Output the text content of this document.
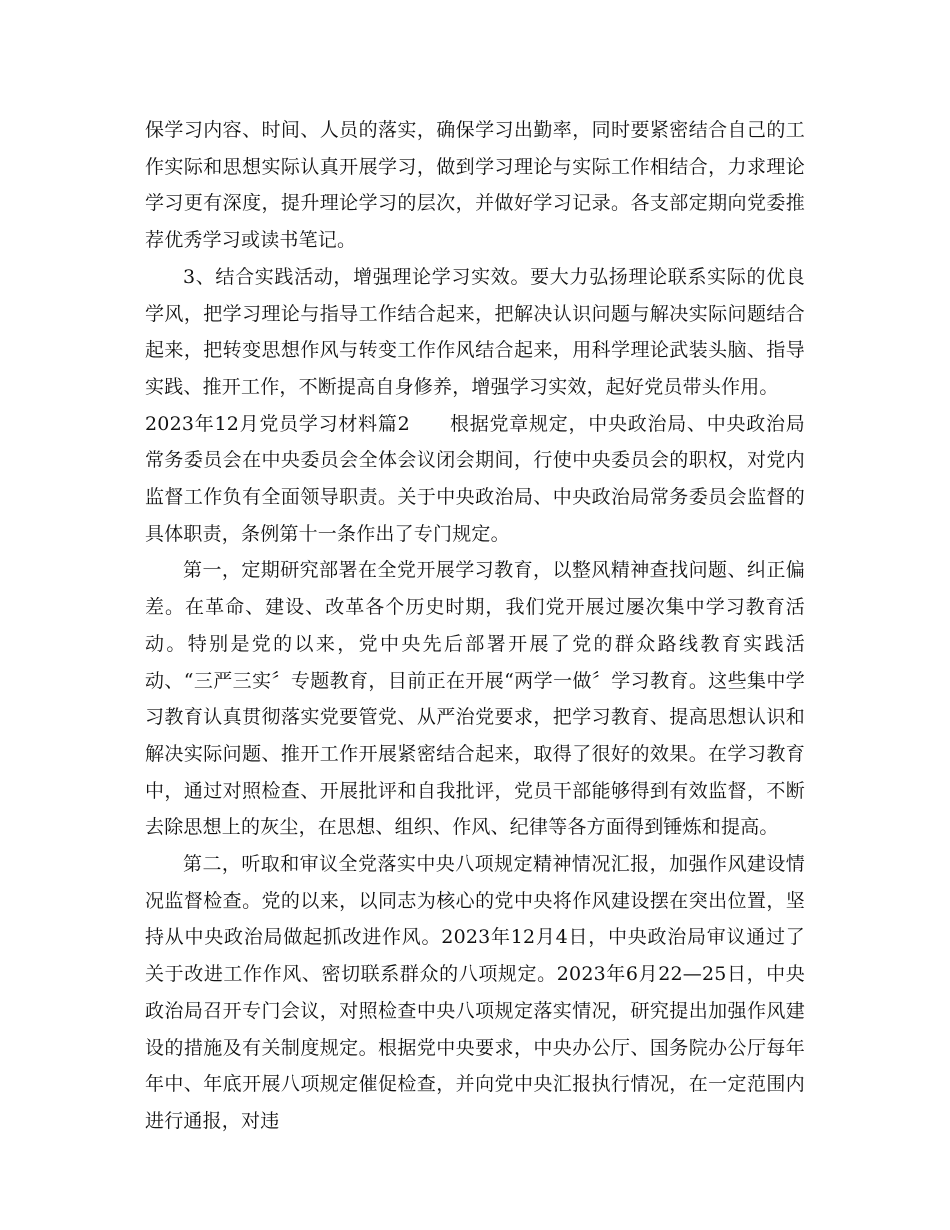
保学习内容、时间、人员的落实，确保学习出勤率，同时要紧密结合自己的工作实际和思想实际认真开展学习，做到学习理论与实际工作相结合，力求理论学习更有深度，提升理论学习的层次，并做好学习记录。各支部定期向党委推荐优秀学习或读书笔记。

3、结合实践活动，增强理论学习实效。要大力弘扬理论联系实际的优良学风，把学习理论与指导工作结合起来，把解决认识问题与解决实际问题结合起来，把转变思想作风与转变工作作风结合起来，用科学理论武装头脑、指导实践、推开工作，不断提高自身修养，增强学习实效，起好党员带头作用。

2023年12月党员学习材料篇2　　根据党章规定，中央政治局、中央政治局常务委员会在中央委员会全体会议闭会期间，行使中央委员会的职权，对党内监督工作负有全面领导职责。关于中央政治局、中央政治局常务委员会监督的具体职责，条例第十一条作出了专门规定。

第一，定期研究部署在全党开展学习教育，以整风精神查找问题、纠正偏差。在革命、建设、改革各个历史时期，我们党开展过屡次集中学习教育活动。特别是党的以来，党中央先后部署开展了党的群众路线教育实践活动、“三严三实〞专题教育，目前正在开展“两学一做〞学习教育。这些集中学习教育认真贯彻落实党要管党、从严治党要求，把学习教育、提高思想认识和解决实际问题、推开工作开展紧密结合起来，取得了很好的效果。在学习教育中，通过对照检查、开展批评和自我批评，党员干部能够得到有效监督，不断去除思想上的灰尘，在思想、组织、作风、纪律等各方面得到锤炼和提高。

第二，听取和审议全党落实中央八项规定精神情况汇报，加强作风建设情况监督检查。党的以来，以同志为核心的党中央将作风建设摆在突出位置，坚持从中央政治局做起抓改进作风。2023年12月4日，中央政治局审议通过了关于改进工作作风、密切联系群众的八项规定。2023年6月22—25日，中央政治局召开专门会议，对照检查中央八项规定落实情况，研究提出加强作风建设的措施及有关制度规定。根据党中央要求，中央办公厅、国务院办公厅每年年中、年底开展八项规定催促检查，并向党中央汇报执行情况，在一定范围内进行通报，对违
